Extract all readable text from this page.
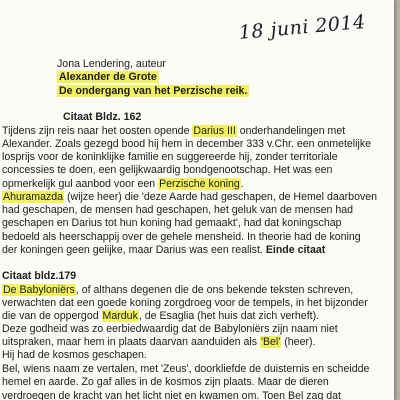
18 juni 2014
Jona Lendering, auteur
Alexander de Grote
De ondergang van het Perzische reik.
Citaat Bldz. 162
Tijdens zijn reis naar het oosten opende Darius III onderhandelingen met
Alexander. Zoals gezegd bood hij hem in december 333 v.Chr. een onmetelijke
losprijs voor de koninklijke familie en suggereerde hij, zonder territoriale
concessies te doen, een gelijkwaardig bondgenootschap. Het was een
opmerkelijk gul aanbod voor een Perzische koning.
Ahuramazda (wijze heer) die 'deze Aarde had geschapen, de Hemel daarboven
had geschapen, de mensen had geschapen, het geluk van de mensen had
geschapen en Darius tot hun koning had gemaakt', had dat koningschap
bedoeld als heerschappij over de gehele mensheid. In theorie had de koning
der koningen geen gelijke, maar Darius was een realist. Einde citaat
Citaat bldz.179
De Babyloniërs, of althans degenen die de ons bekende teksten schreven,
verwachten dat een goede koning zorgdroeg voor de tempels, in het bijzonder
die van de oppergod Marduk, de Esaglia (het huis dat zich verheft).
Deze godheid was zo eerbiedwaardig dat de Babyloniërs zijn naam niet
uitspraken, maar hem in plaats daarvan aanduiden als 'Bel' (heer).
Hij had de kosmos geschapen.
Bel, wiens naam ze vertalen, met 'Zeus', doorkliefde de duisternis en scheidde
hemel en aarde. Zo gaf alles in de kosmos zijn plaats. Maar de dieren
verdroegen de kracht van het licht niet en kwamen om. Toen Bel zag dat
